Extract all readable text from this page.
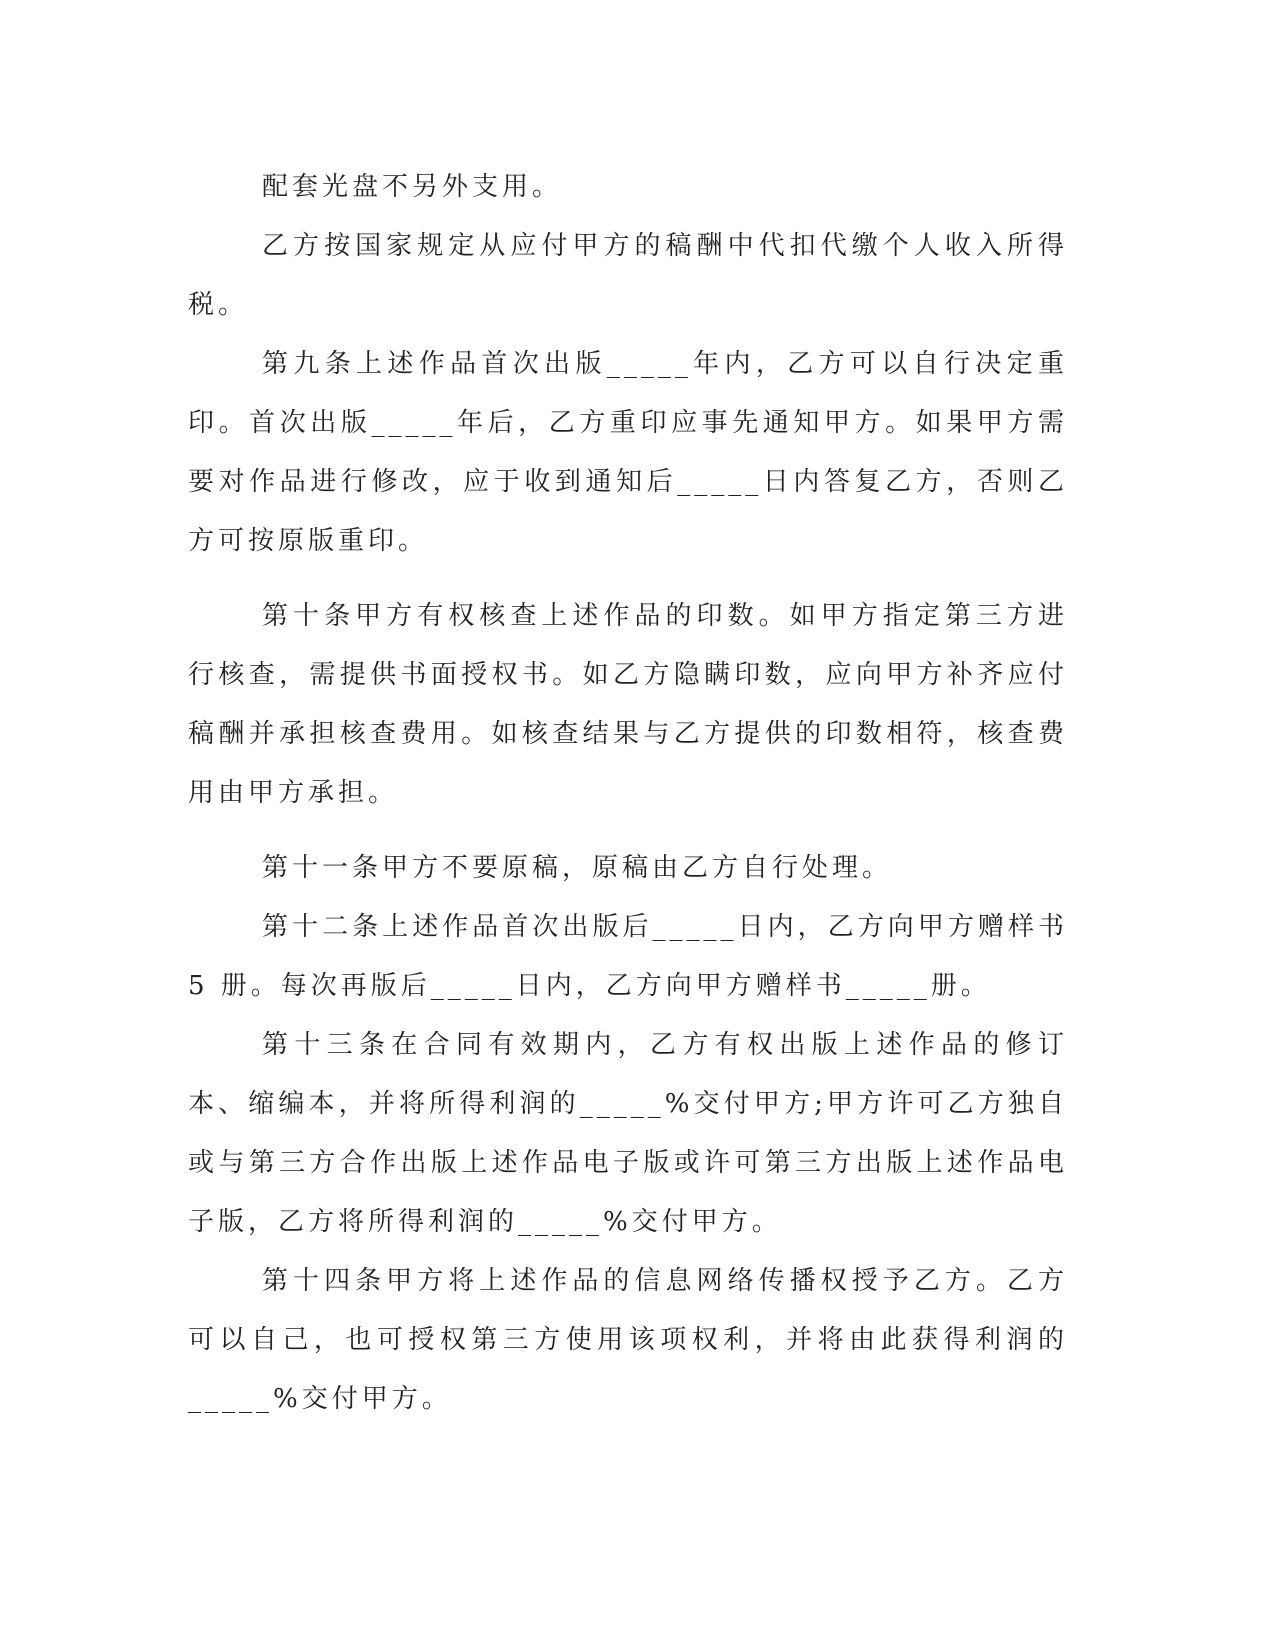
配套光盘不另外支用。

乙方按国家规定从应付甲方的稿酬中代扣代缴个人收入所得税。

第九条上述作品首次出版_____年内，乙方可以自行决定重印。首次出版_____年后，乙方重印应事先通知甲方。如果甲方需要对作品进行修改，应于收到通知后_____日内答复乙方，否则乙方可按原版重印。

第十条甲方有权核查上述作品的印数。如甲方指定第三方进行核查，需提供书面授权书。如乙方隐瞒印数，应向甲方补齐应付稿酬并承担核查费用。如核查结果与乙方提供的印数相符，核查费用由甲方承担。

第十一条甲方不要原稿，原稿由乙方自行处理。

第十二条上述作品首次出版后_____日内，乙方向甲方赠样书 5 册。每次再版后_____日内，乙方向甲方赠样书_____册。

第十三条在合同有效期内，乙方有权出版上述作品的修订本、缩编本，并将所得利润的_____%交付甲方;甲方许可乙方独自或与第三方合作出版上述作品电子版或许可第三方出版上述作品电子版，乙方将所得利润的_____%交付甲方。

第十四条甲方将上述作品的信息网络传播权授予乙方。乙方可以自己，也可授权第三方使用该项权利，并将由此获得利润的_____%交付甲方。
